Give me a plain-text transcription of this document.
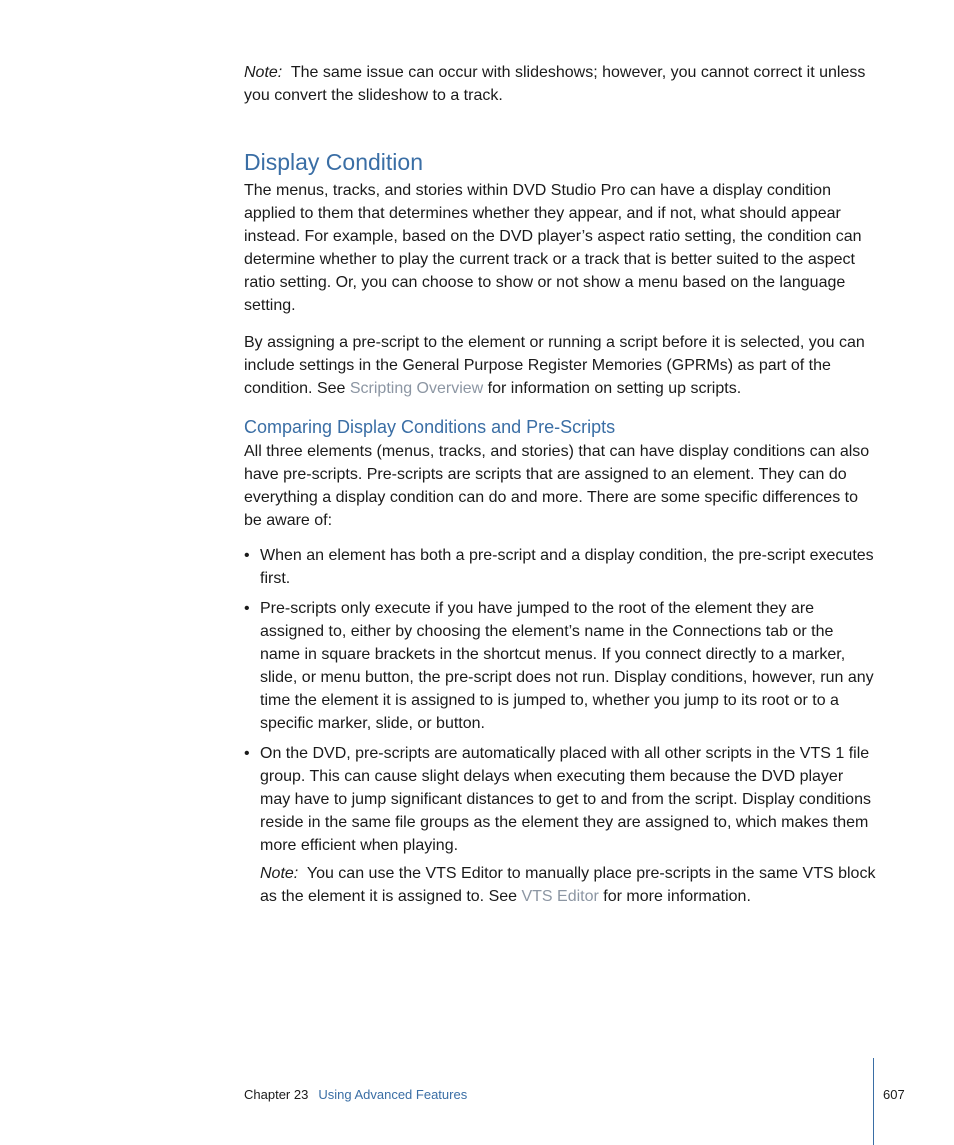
Note: The same issue can occur with slideshows; however, you cannot correct it unless you convert the slideshow to a track.

Display Condition

The menus, tracks, and stories within DVD Studio Pro can have a display condition applied to them that determines whether they appear, and if not, what should appear instead. For example, based on the DVD player’s aspect ratio setting, the condition can determine whether to play the current track or a track that is better suited to the aspect ratio setting. Or, you can choose to show or not show a menu based on the language setting.

By assigning a pre-script to the element or running a script before it is selected, you can include settings in the General Purpose Register Memories (GPRMs) as part of the condition. See Scripting Overview for information on setting up scripts.

Comparing Display Conditions and Pre-Scripts

All three elements (menus, tracks, and stories) that can have display conditions can also have pre-scripts. Pre-scripts are scripts that are assigned to an element. They can do everything a display condition can do and more. There are some specific differences to be aware of:

• When an element has both a pre-script and a display condition, the pre-script executes first.
• Pre-scripts only execute if you have jumped to the root of the element they are assigned to, either by choosing the element’s name in the Connections tab or the name in square brackets in the shortcut menus. If you connect directly to a marker, slide, or menu button, the pre-script does not run. Display conditions, however, run any time the element it is assigned to is jumped to, whether you jump to its root or to a specific marker, slide, or button.
• On the DVD, pre-scripts are automatically placed with all other scripts in the VTS 1 file group. This can cause slight delays when executing them because the DVD player may have to jump significant distances to get to and from the script. Display conditions reside in the same file groups as the element they are assigned to, which makes them more efficient when playing.

Note: You can use the VTS Editor to manually place pre-scripts in the same VTS block as the element it is assigned to. See VTS Editor for more information.

Chapter 23 Using Advanced Features	607
